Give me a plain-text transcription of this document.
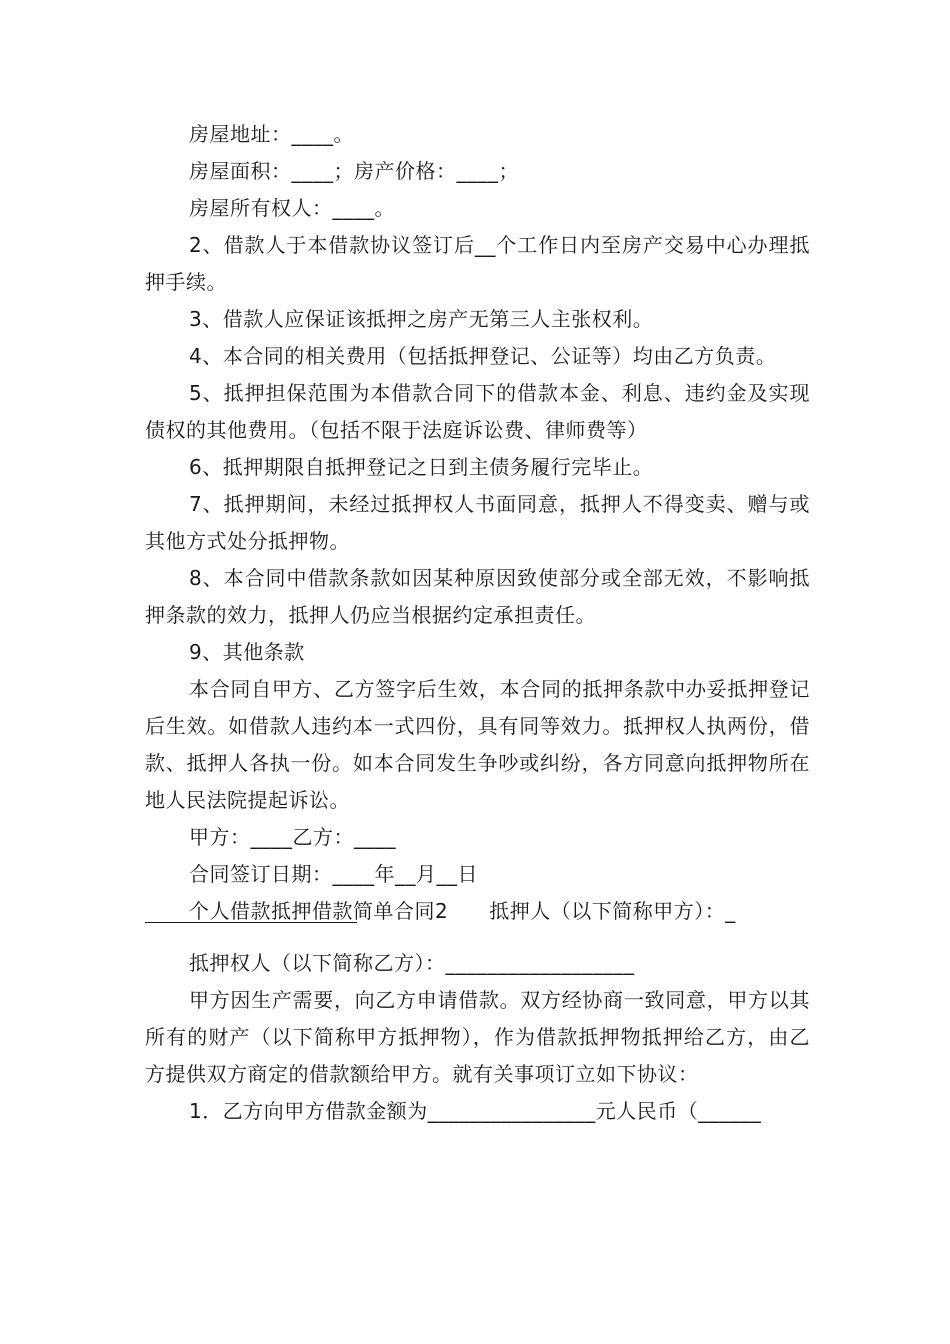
房屋地址：____。

房屋面积：____；房产价格：____；

房屋所有权人：____。

2、借款人于本借款协议签订后__个工作日内至房产交易中心办理抵押手续。

3、借款人应保证该抵押之房产无第三人主张权利。

4、本合同的相关费用（包括抵押登记、公证等）均由乙方负责。

5、抵押担保范围为本借款合同下的借款本金、利息、违约金及实现债权的其他费用。（包括不限于法庭诉讼费、律师费等）

6、抵押期限自抵押登记之日到主债务履行完毕止。

7、抵押期间，未经过抵押权人书面同意，抵押人不得变卖、赠与或其他方式处分抵押物。

8、本合同中借款条款如因某种原因致使部分或全部无效，不影响抵押条款的效力，抵押人仍应当根据约定承担责任。

9、其他条款

本合同自甲方、乙方签字后生效，本合同的抵押条款中办妥抵押登记后生效。如借款人违约本一式四份，具有同等效力。抵押权人执两份，借款、抵押人各执一份。如本合同发生争吵或纠纷，各方同意向抵押物所在地人民法院提起诉讼。

甲方：____乙方：____

合同签订日期：____年__月__日

个人借款抵押借款简单合同2　　抵押人（以下简称甲方）：_

抵押权人（以下简称乙方）：__________________

甲方因生产需要，向乙方申请借款。双方经协商一致同意，甲方以其所有的财产（以下简称甲方抵押物），作为借款抵押物抵押给乙方，由乙方提供双方商定的借款额给甲方。就有关事项订立如下协议：

1．乙方向甲方借款金额为________________元人民币（______
